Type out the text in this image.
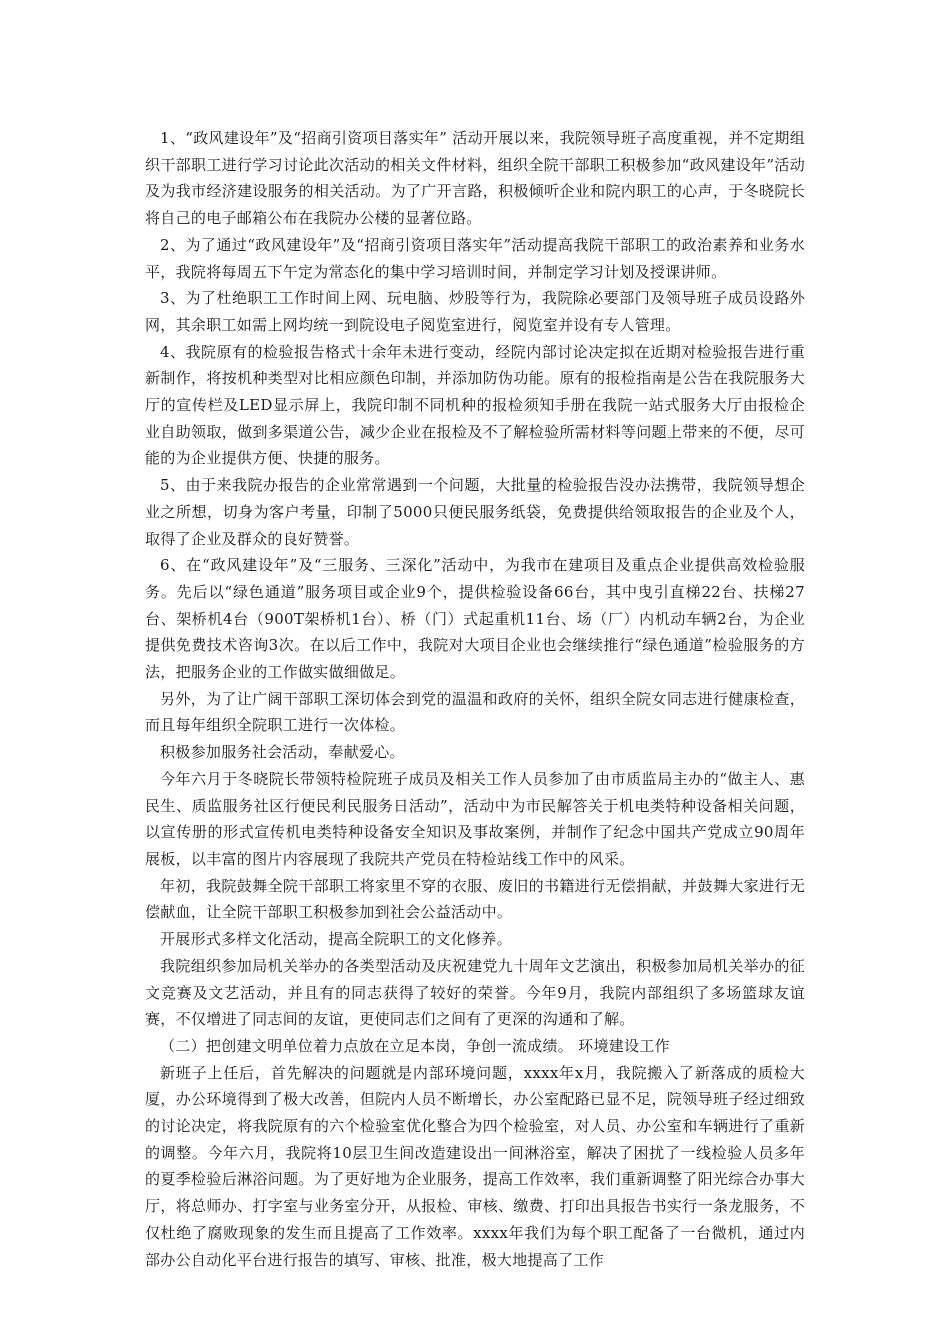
1、“政风建设年”及“招商引资项目落实年” 活动开展以来，我院领导班子高度重视，并不定期组织干部职工进行学习讨论此次活动的相关文件材料，组织全院干部职工积极参加“政风建设年”活动及为我市经济建设服务的相关活动。为了广开言路，积极倾听企业和院内职工的心声，于冬晓院长将自己的电子邮箱公布在我院办公楼的显著位路。

2、为了通过“政风建设年”及“招商引资项目落实年”活动提高我院干部职工的政治素养和业务水平，我院将每周五下午定为常态化的集中学习培训时间，并制定学习计划及授课讲师。

3、为了杜绝职工工作时间上网、玩电脑、炒股等行为，我院除必要部门及领导班子成员设路外网，其余职工如需上网均统一到院设电子阅览室进行，阅览室并设有专人管理。

4、我院原有的检验报告格式十余年未进行变动，经院内部讨论决定拟在近期对检验报告进行重新制作，将按机种类型对比相应颜色印制，并添加防伪功能。原有的报检指南是公告在我院服务大厅的宣传栏及LED显示屏上，我院印制不同机种的报检须知手册在我院一站式服务大厅由报检企业自助领取，做到多渠道公告，减少企业在报检及不了解检验所需材料等问题上带来的不便，尽可能的为企业提供方便、快捷的服务。

5、由于来我院办报告的企业常常遇到一个问题，大批量的检验报告没办法携带，我院领导想企业之所想，切身为客户考量，印制了5000只便民服务纸袋，免费提供给领取报告的企业及个人，取得了企业及群众的良好赞誉。

6、在“政风建设年”及“三服务、三深化”活动中，为我市在建项目及重点企业提供高效检验服务。先后以“绿色通道”服务项目或企业9个，提供检验设备66台，其中曳引直梯22台、扶梯27台、架桥机4台（900T架桥机1台）、桥（门）式起重机11台、场（厂）内机动车辆2台，为企业提供免费技术咨询3次。在以后工作中，我院对大项目企业也会继续推行“绿色通道”检验服务的方法，把服务企业的工作做实做细做足。

另外，为了让广阔干部职工深切体会到党的温温和政府的关怀，组织全院女同志进行健康检查，而且每年组织全院职工进行一次体检。

积极参加服务社会活动，奉献爱心。

今年六月于冬晓院长带领特检院班子成员及相关工作人员参加了由市质监局主办的“做主人、惠民生、质监服务社区行便民利民服务日活动”，活动中为市民解答关于机电类特种设备相关问题，以宣传册的形式宣传机电类特种设备安全知识及事故案例，并制作了纪念中国共产党成立90周年展板，以丰富的图片内容展现了我院共产党员在特检站线工作中的风采。

年初，我院鼓舞全院干部职工将家里不穿的衣服、废旧的书籍进行无偿捐献，并鼓舞大家进行无偿献血，让全院干部职工积极参加到社会公益活动中。

开展形式多样文化活动，提高全院职工的文化修养。

我院组织参加局机关举办的各类型活动及庆祝建党九十周年文艺演出，积极参加局机关举办的征文竞赛及文艺活动，并且有的同志获得了较好的荣誉。今年9月，我院内部组织了多场篮球友谊赛，不仅增进了同志间的友谊，更使同志们之间有了更深的沟通和了解。

（二）把创建文明单位着力点放在立足本岗，争创一流成绩。 环境建设工作

新班子上任后，首先解决的问题就是内部环境问题，xxxx年x月，我院搬入了新落成的质检大厦，办公环境得到了极大改善，但院内人员不断增长，办公室配路已显不足，院领导班子经过细致的讨论决定，将我院原有的六个检验室优化整合为四个检验室，对人员、办公室和车辆进行了重新的调整。今年六月，我院将10层卫生间改造建设出一间淋浴室，解决了困扰了一线检验人员多年的夏季检验后淋浴问题。为了更好地为企业服务，提高工作效率，我们重新调整了阳光综合办事大厅，将总师办、打字室与业务室分开，从报检、审核、缴费、打印出具报告书实行一条龙服务，不仅杜绝了腐败现象的发生而且提高了工作效率。xxxx年我们为每个职工配备了一台微机，通过内部办公自动化平台进行报告的填写、审核、批准，极大地提高了工作
